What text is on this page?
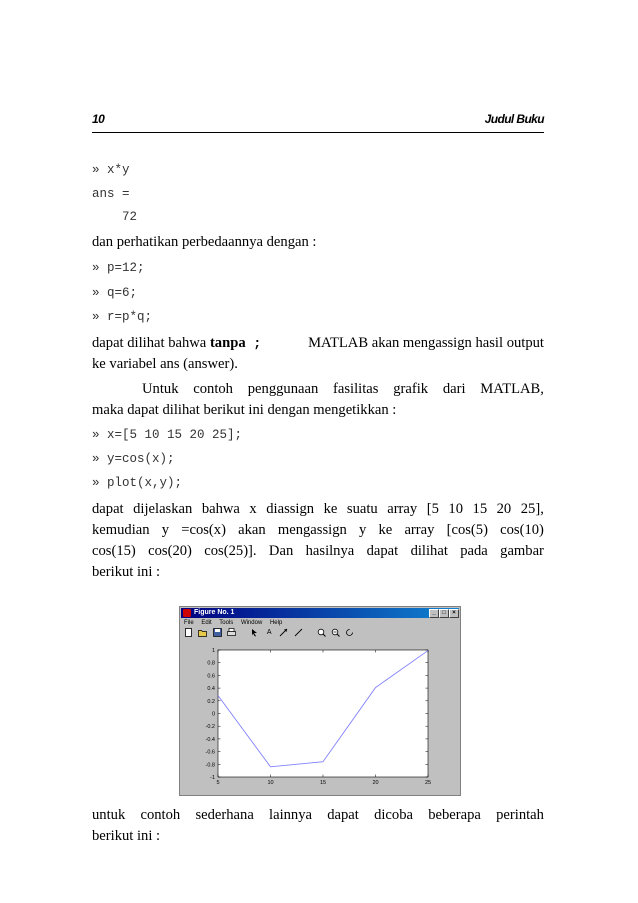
10	Judul Buku
» x*y
ans =
72
dan perhatikan perbedaannya dengan :
» p=12;
» q=6;
» r=p*q;
dapat dilihat bahwa tanpa ;	MATLAB akan mengassign hasil output
ke variabel ans (answer).
Untuk contoh penggunaan fasilitas grafik dari MATLAB,
maka dapat dilihat berikut ini dengan mengetikkan :
» x=[5 10 15 20 25];
» y=cos(x);
» plot(x,y);
dapat dijelaskan bahwa x diassign ke suatu array [5 10 15 20 25],
kemudian y =cos(x) akan mengassign y ke array [cos(5) cos(10)
cos(15) cos(20) cos(25)]. Dan hasilnya dapat dilihat pada gambar
berikut ini :
Figure No. 1	_	□	×
File Edit Tools Window Help
A
1
0.8
0.6
0.4
0.2
0
-0.2
-0.4
-0.6
-0.8
-1
5	10	15	20	25
untuk contoh sederhana lainnya dapat dicoba beberapa perintah
berikut ini :
